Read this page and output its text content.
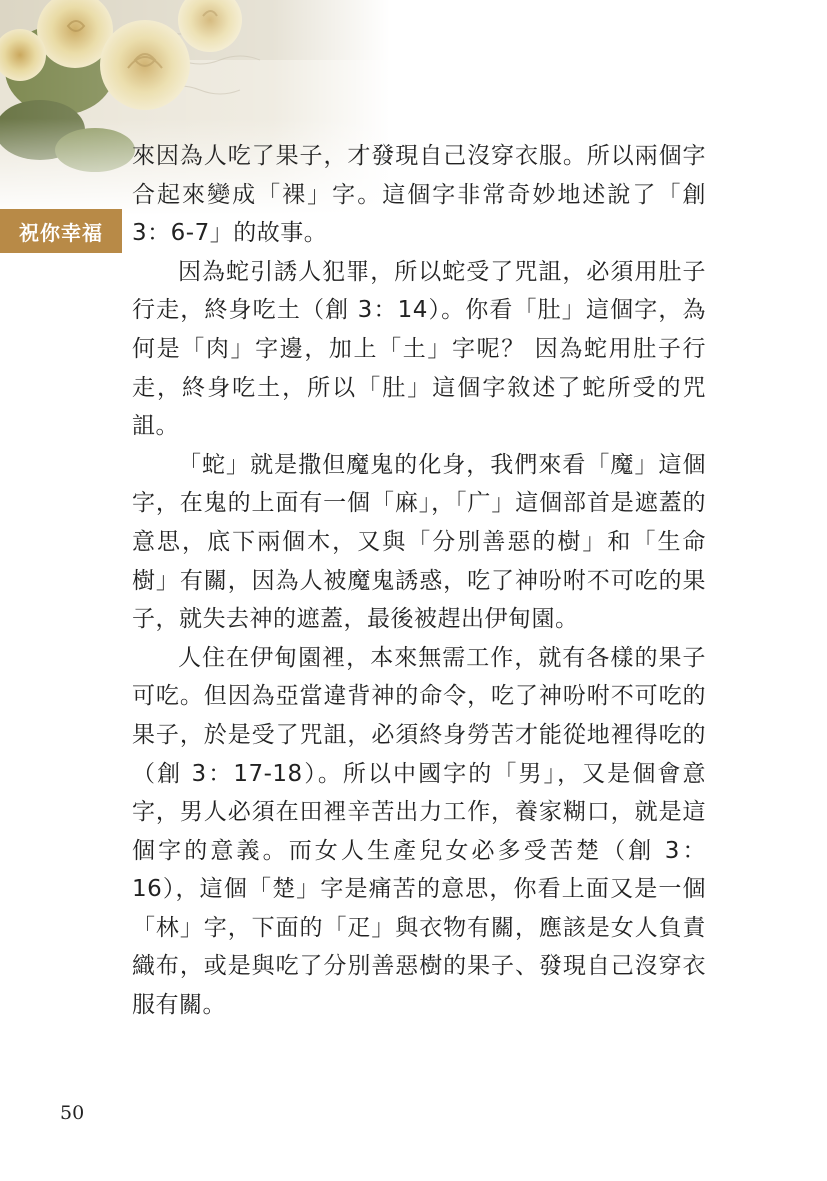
祝你幸福

來因為人吃了果子，才發現自己沒穿衣服。所以兩個字合起來變成「裸」字。這個字非常奇妙地述說了「創 3：6-7」的故事。

因為蛇引誘人犯罪，所以蛇受了咒詛，必須用肚子行走，終身吃土（創 3：14）。你看「肚」這個字，為何是「肉」字邊，加上「土」字呢？ 因為蛇用肚子行走，終身吃土，所以「肚」這個字敘述了蛇所受的咒詛。

「蛇」就是撒但魔鬼的化身，我們來看「魔」這個字，在鬼的上面有一個「麻」，「广」這個部首是遮蓋的意思，底下兩個木，又與「分別善惡的樹」和「生命樹」有關，因為人被魔鬼誘惑，吃了神吩咐不可吃的果子，就失去神的遮蓋，最後被趕出伊甸園。

人住在伊甸園裡，本來無需工作，就有各樣的果子可吃。但因為亞當違背神的命令，吃了神吩咐不可吃的果子，於是受了咒詛，必須終身勞苦才能從地裡得吃的（創 3：17-18）。所以中國字的「男」，又是個會意字，男人必須在田裡辛苦出力工作，養家糊口，就是這個字的意義。而女人生產兒女必多受苦楚（創 3：16），這個「楚」字是痛苦的意思，你看上面又是一個「林」字，下面的「疋」與衣物有關，應該是女人負責織布，或是與吃了分別善惡樹的果子、發現自己沒穿衣服有關。

50
